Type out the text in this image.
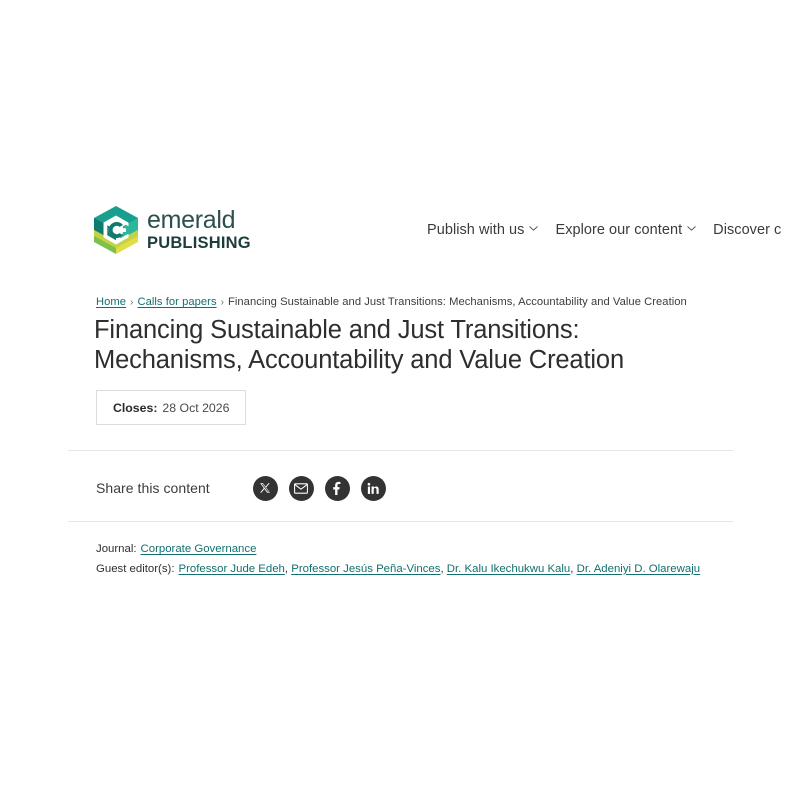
emerald
PUBLISHING
Publish with us Explore our content Discover c
Home › Calls for papers › Financing Sustainable and Just Transitions: Mechanisms, Accountability and Value Creation
Financing Sustainable and Just Transitions: Mechanisms, Accountability and Value Creation
Closes: 28 Oct 2026
Share this content
Journal: Corporate Governance
Guest editor(s): Professor Jude Edeh, Professor Jesús Peña-Vinces, Dr. Kalu Ikechukwu Kalu, Dr. Adeniyi D. Olarewaju
